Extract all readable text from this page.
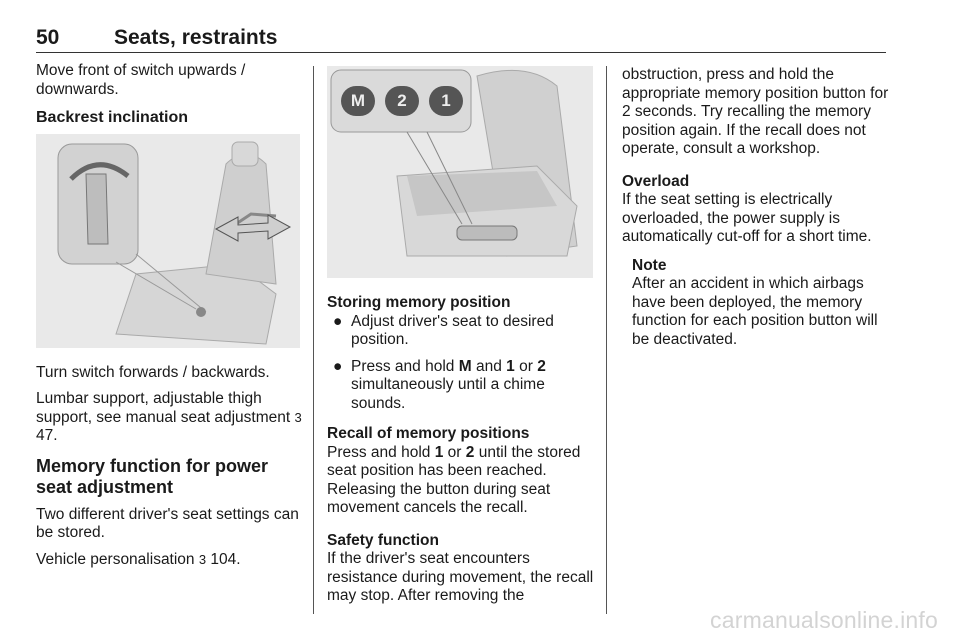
50	Seats, restraints

Move front of switch upwards / downwards.

Backrest inclination

Turn switch forwards / backwards.

Lumbar support, adjustable thigh support, see manual seat adjustment 3 47.

Memory function for power seat adjustment

Two different driver's seat settings can be stored.

Vehicle personalisation 3 104.

M	2	1

Storing memory position

● Adjust driver's seat to desired position.
● Press and hold M and 1 or 2 simultaneously until a chime sounds.

Recall of memory positions

Press and hold 1 or 2 until the stored seat position has been reached. Releasing the button during seat movement cancels the recall.

Safety function

If the driver's seat encounters resistance during movement, the recall may stop. After removing the

obstruction, press and hold the appropriate memory position button for 2 seconds. Try recalling the memory position again. If the recall does not operate, consult a workshop.

Overload

If the seat setting is electrically overloaded, the power supply is automatically cut-off for a short time.

Note

After an accident in which airbags have been deployed, the memory function for each position button will be deactivated.

carmanualsonline.info
